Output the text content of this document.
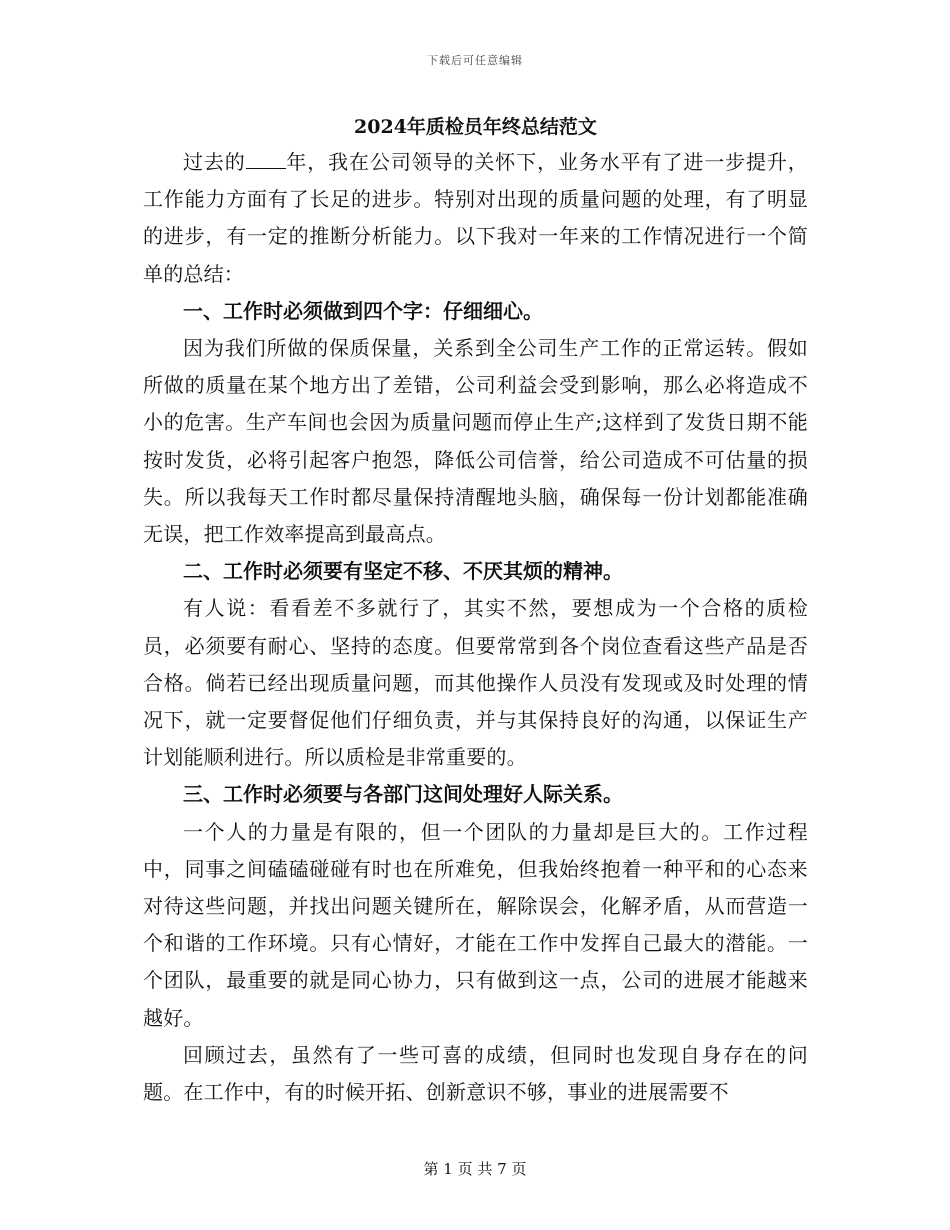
下载后可任意编辑

2024年质检员年终总结范文

过去的 年，我在公司领导的关怀下，业务水平有了进一步提升，工作能力方面有了长足的进步。特别对出现的质量问题的处理，有了明显的进步，有一定的推断分析能力。以下我对一年来的工作情况进行一个简单的总结：

一、工作时必须做到四个字：仔细细心。

因为我们所做的保质保量，关系到全公司生产工作的正常运转。假如所做的质量在某个地方出了差错，公司利益会受到影响，那么必将造成不小的危害。生产车间也会因为质量问题而停止生产;这样到了发货日期不能按时发货，必将引起客户抱怨，降低公司信誉，给公司造成不可估量的损失。所以我每天工作时都尽量保持清醒地头脑，确保每一份计划都能准确无误，把工作效率提高到最高点。

二、工作时必须要有坚定不移、不厌其烦的精神。

有人说：看看差不多就行了，其实不然，要想成为一个合格的质检员，必须要有耐心、坚持的态度。但要常常到各个岗位查看这些产品是否合格。倘若已经出现质量问题，而其他操作人员没有发现或及时处理的情况下，就一定要督促他们仔细负责，并与其保持良好的沟通，以保证生产计划能顺利进行。所以质检是非常重要的。

三、工作时必须要与各部门这间处理好人际关系。

一个人的力量是有限的，但一个团队的力量却是巨大的。工作过程中，同事之间磕磕碰碰有时也在所难免，但我始终抱着一种平和的心态来对待这些问题，并找出问题关键所在，解除误会，化解矛盾，从而营造一个和谐的工作环境。只有心情好，才能在工作中发挥自己最大的潜能。一个团队，最重要的就是同心协力，只有做到这一点，公司的进展才能越来越好。

回顾过去，虽然有了一些可喜的成绩，但同时也发现自身存在的问题。在工作中，有的时候开拓、创新意识不够，事业的进展需要不

第 1 页 共 7 页
